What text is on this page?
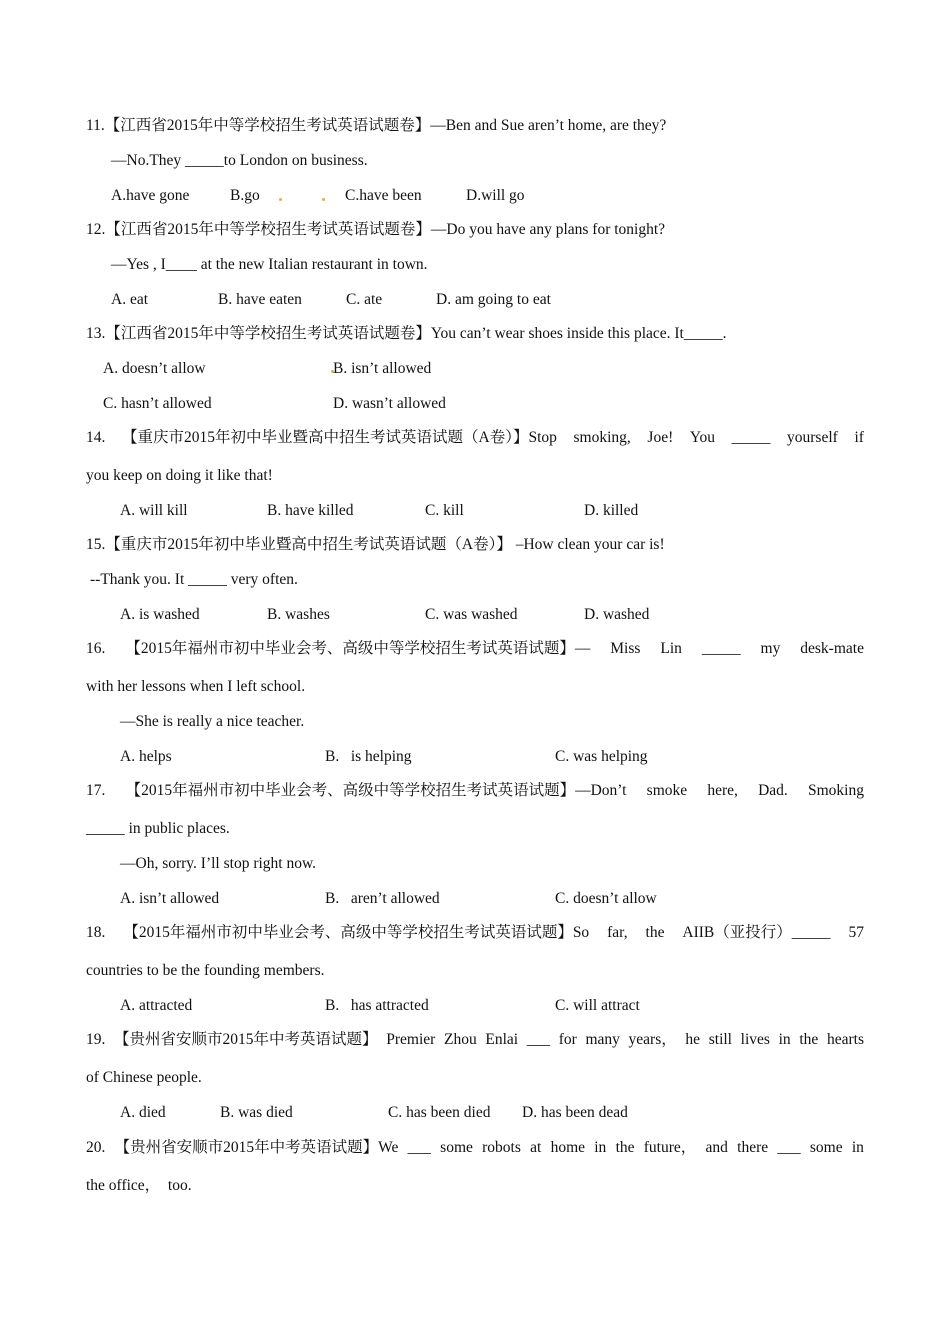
11.【江西省2015年中等学校招生考试英语试题卷】—Ben and Sue aren’t home, are they?
—No.They _____to London on business.
A.have gone	B.go	C.have been	D.will go
12.【江西省2015年中等学校招生考试英语试题卷】—Do you have any plans for tonight?
—Yes , I____ at the new Italian restaurant in town.
A. eat	B. have eaten	C. ate	D. am going to eat
13.【江西省2015年中等学校招生考试英语试题卷】You can’t wear shoes inside this place. It_____.
A. doesn’t allow	B. isn’t allowed
C. hasn’t allowed	D. wasn’t allowed
14. 【重庆市2015年初中毕业暨高中招生考试英语试题（A卷）】Stop smoking, Joe! You _____ yourself if
you keep on doing it like that!
A. will kill	B. have killed	C. kill	D. killed
15.【重庆市2015年初中毕业暨高中招生考试英语试题（A卷）】 –How clean your car is!
--Thank you. It _____ very often.
A. is washed	B. washes	C. was washed	D. washed
16. 【2015年福州市初中毕业会考、高级中等学校招生考试英语试题】— Miss Lin _____ my desk-mate
with her lessons when I left school.
—She is really a nice teacher.
A. helps	B.   is helping	C. was helping
17. 【2015年福州市初中毕业会考、高级中等学校招生考试英语试题】—Don’t smoke here, Dad. Smoking
_____ in public places.
—Oh, sorry. I’ll stop right now.
A. isn’t allowed	B.   aren’t allowed	C. doesn’t allow
18. 【2015年福州市初中毕业会考、高级中等学校招生考试英语试题】So far, the AIIB（亚投行）_____ 57
countries to be the founding members.
A. attracted	B.   has attracted	C. will attract
19. 【贵州省安顺市2015年中考英语试题】 Premier Zhou Enlai ___ for many years， he still lives in the hearts
of Chinese people.
A. died	B. was died	C. has been died D. has been dead
20. 【贵州省安顺市2015年中考英语试题】We ___ some robots at home in the future， and there ___ some in
the office，  too.
